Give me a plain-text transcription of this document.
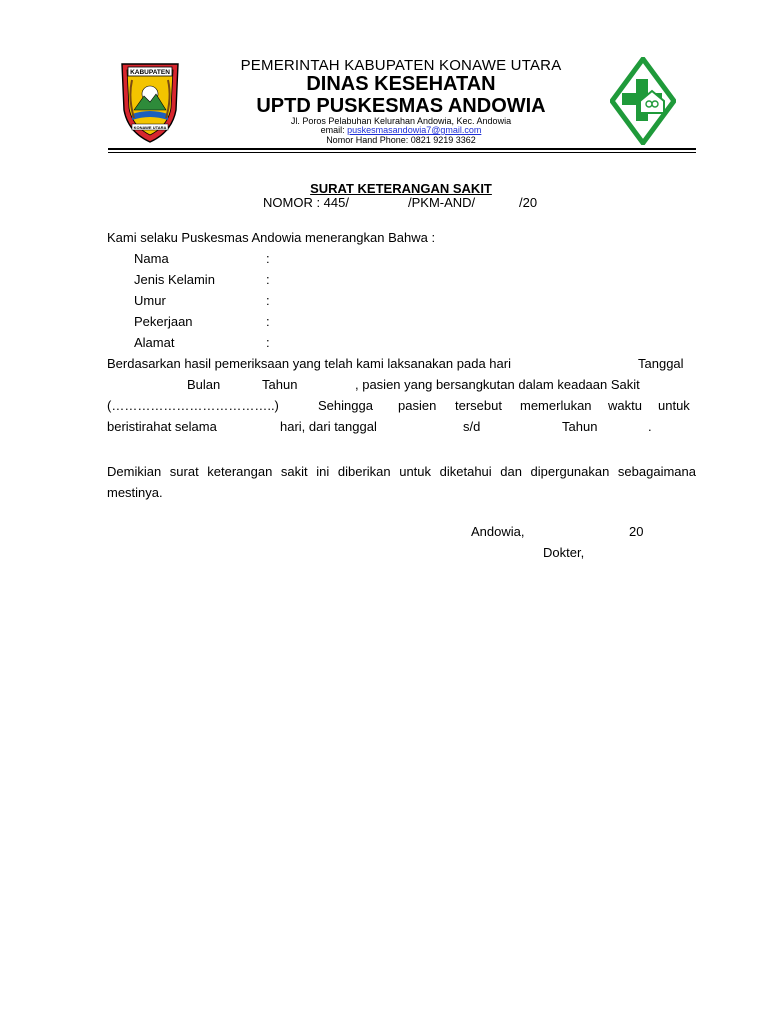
KABUPATEN
KONAWE UTARA
PEMERINTAH KABUPATEN KONAWE UTARA
DINAS KESEHATAN
UPTD PUSKESMAS ANDOWIA
Jl. Poros Pelabuhan Kelurahan Andowia, Kec. Andowia
email: puskesmasandowia7@gmail.com
Nomor Hand Phone: 0821 9219 3362
SURAT KETERANGAN SAKIT
NOMOR : 445/	/PKM-AND/	/20
Kami selaku Puskesmas Andowia menerangkan Bahwa :
Nama	:
Jenis Kelamin	:
Umur	:
Pekerjaan	:
Alamat	:
Berdasarkan hasil pemeriksaan yang telah kami laksanakan pada hari	Tanggal
Bulan	Tahun	, pasien yang bersangkutan dalam keadaan Sakit
(………………………………..)	Sehingga pasien tersebut memerlukan waktu untuk
beristirahat selama	hari, dari tanggal	s/d	Tahun	.
Demikian surat keterangan sakit ini diberikan untuk diketahui dan dipergunakan sebagaimana mestinya.
Andowia,	20
Dokter,
